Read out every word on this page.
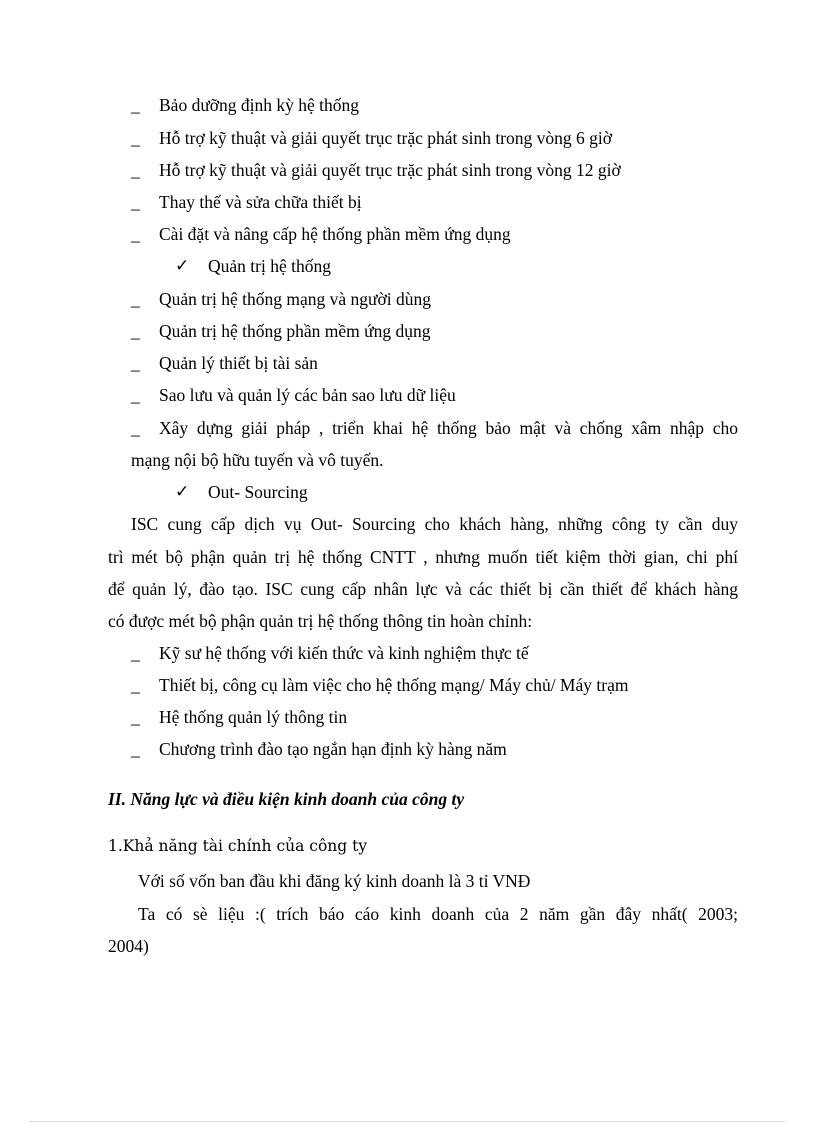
_ Bảo dưỡng định kỳ hệ thống
_ Hỗ trợ kỹ thuật và giải quyết trục trặc phát sinh trong vòng 6 giờ
_ Hỗ trợ kỹ thuật và giải quyết trục trặc phát sinh trong vòng 12 giờ
_ Thay thế và sửa chữa thiết bị
_ Cài đặt và nâng cấp hệ thống phần mềm ứng dụng
✓ Quản trị hệ thống
_ Quản trị hệ thống mạng và người dùng
_ Quản trị hệ thống phần mềm ứng dụng
_ Quản lý thiết bị tài sản
_ Sao lưu và quản lý các bản sao lưu dữ liệu
_ Xây dựng giải pháp , triển khai hệ thống bảo mật và chống xâm nhập cho
mạng nội bộ hữu tuyến và vô tuyến.
✓ Out- Sourcing
ISC cung cấp dịch vụ Out- Sourcing cho khách hàng, những công ty cần duy
trì mét bộ phận quản trị hệ thống CNTT , nhưng muốn tiết kiệm thời gian, chi phí
để quản lý, đào tạo. ISC cung cấp nhân lực và các thiết bị cần thiết để khách hàng
có được mét bộ phận quản trị hệ thống thông tin hoàn chỉnh:
_ Kỹ sư hệ thống với kiến thức và kinh nghiệm thực tế
_ Thiết bị, công cụ làm việc cho hệ thống mạng/ Máy chủ/ Máy trạm
_ Hệ thống quản lý thông tin
_ Chương trình đào tạo ngắn hạn định kỳ hàng năm
II. Năng lực và điều kiện kinh doanh của công ty
1.Khả năng tài chính của công ty
Với số vốn ban đầu khi đăng ký kinh doanh là 3 tỉ VNĐ
Ta có sè liệu :( trích báo cáo kinh doanh của 2 năm gần đây nhất( 2003;
2004)
